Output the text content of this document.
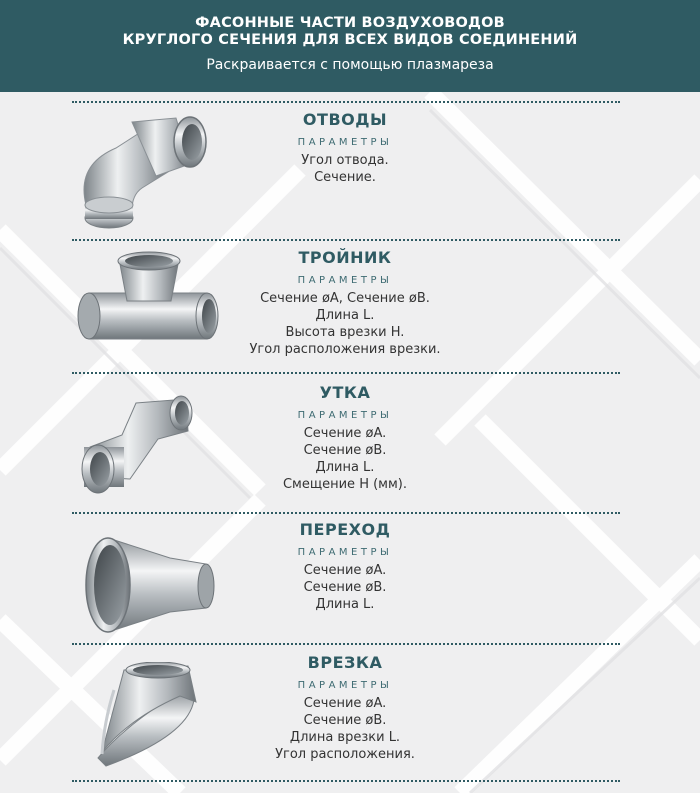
ФАСОННЫЕ ЧАСТИ ВОЗДУХОВОДОВ
КРУГЛОГО СЕЧЕНИЯ ДЛЯ ВСЕХ ВИДОВ СОЕДИНЕНИЙ
Раскраивается с помощью плазмареза
ОТВОДЫ
ПАРАМЕТРЫ
Угол отвода.
Сечение.
ТРОЙНИК
ПАРАМЕТРЫ
Сечение øA, Сечение øB.
Длина L.
Высота врезки H.
Угол расположения врезки.
УТКА
ПАРАМЕТРЫ
Сечение øA.
Сечение øB.
Длина L.
Смещение H (мм).
ПЕРЕХОД
ПАРАМЕТРЫ
Сечение øA.
Сечение øB.
Длина L.
ВРЕЗКА
ПАРАМЕТРЫ
Сечение øA.
Сечение øB.
Длина врезки L.
Угол расположения.
